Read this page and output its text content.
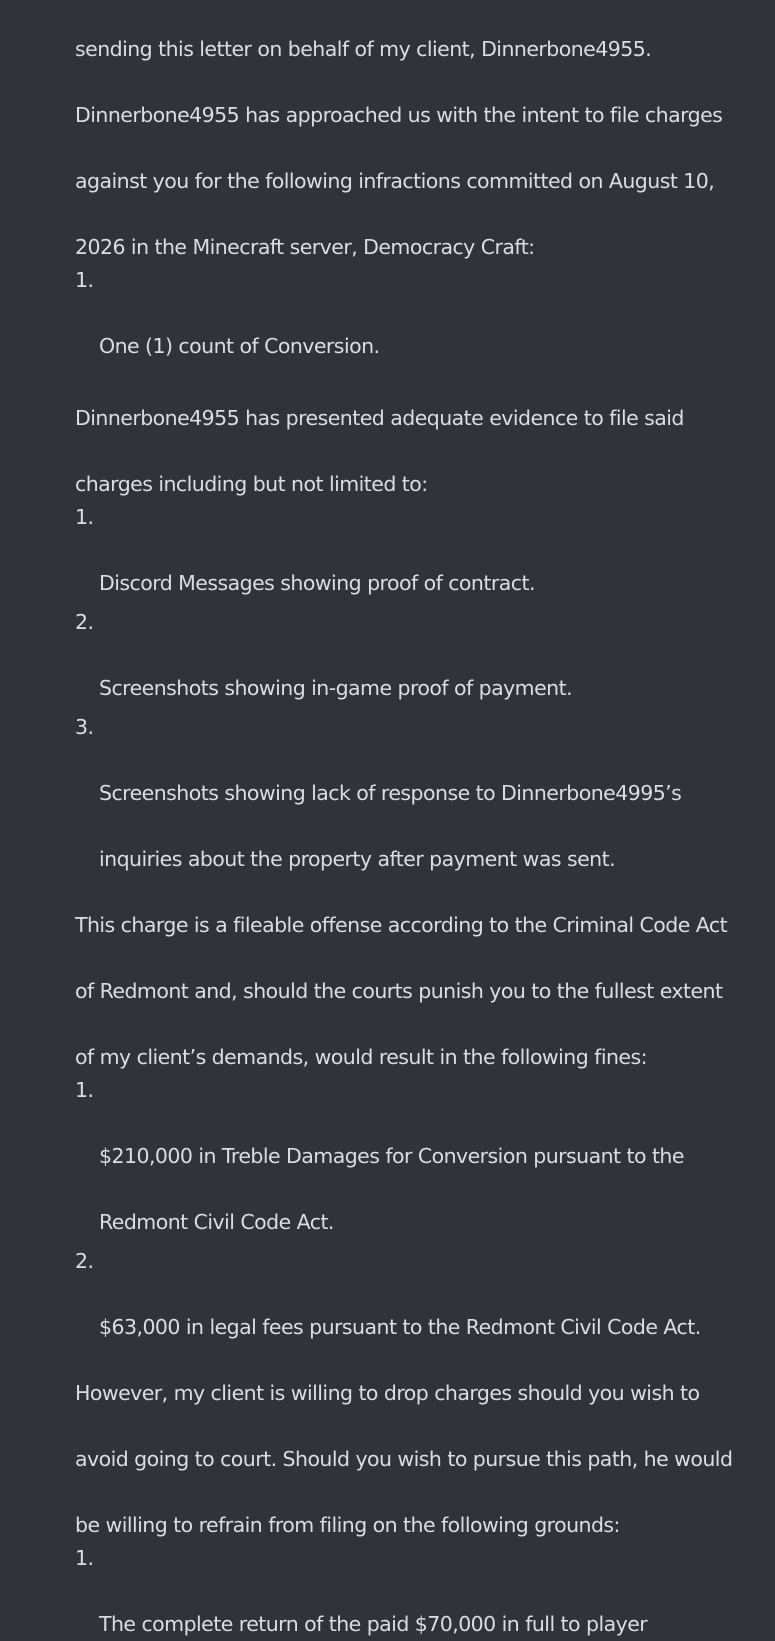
sending this letter on behalf of my client, Dinnerbone4955.

Dinnerbone4955 has approached us with the intent to file charges

against you for the following infractions committed on August 10,

2026 in the Minecraft server, Democracy Craft:

1.

One (1) count of Conversion.

Dinnerbone4955 has presented adequate evidence to file said

charges including but not limited to:

1.

Discord Messages showing proof of contract.

2.

Screenshots showing in-game proof of payment.

3.

Screenshots showing lack of response to Dinnerbone4995’s

inquiries about the property after payment was sent.

This charge is a fileable offense according to the Criminal Code Act

of Redmont and, should the courts punish you to the fullest extent

of my client’s demands, would result in the following fines:

1.

$210,000 in Treble Damages for Conversion pursuant to the

Redmont Civil Code Act.

2.

$63,000 in legal fees pursuant to the Redmont Civil Code Act.

However, my client is willing to drop charges should you wish to

avoid going to court. Should you wish to pursue this path, he would

be willing to refrain from filing on the following grounds:

1.

The complete return of the paid $70,000 in full to player
